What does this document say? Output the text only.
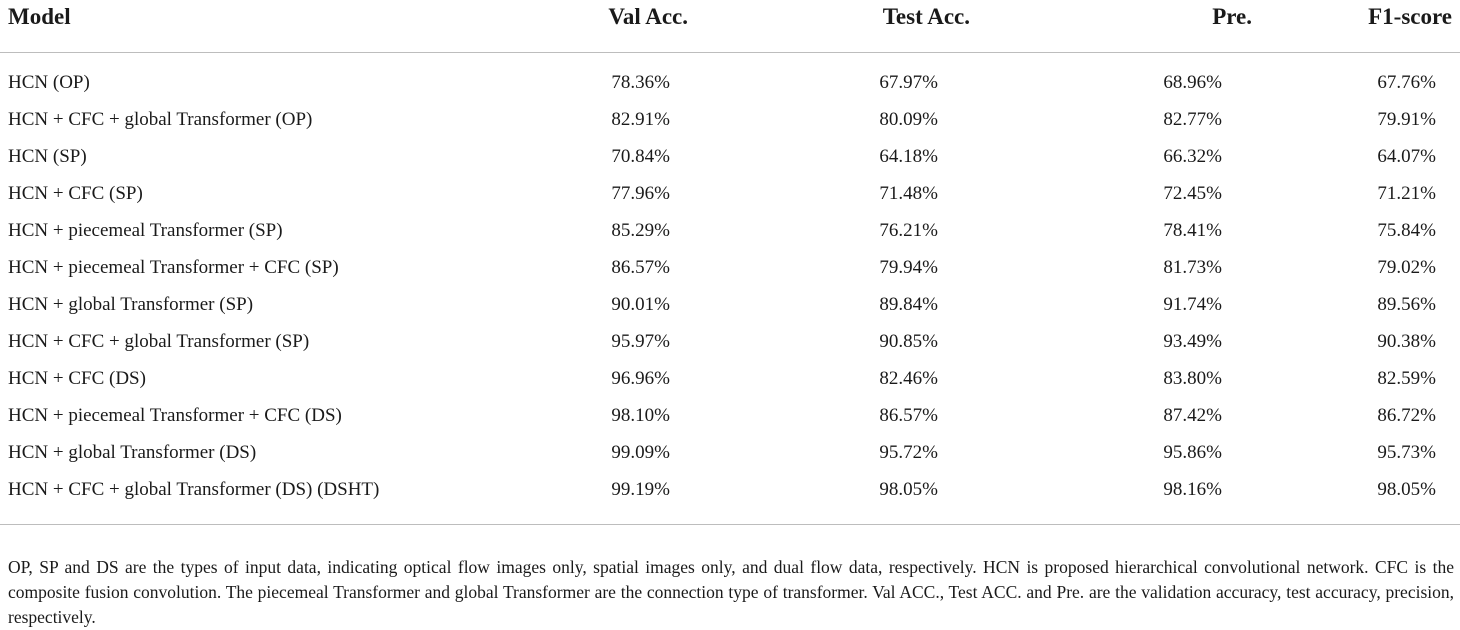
Model	Val Acc.	Test Acc.	Pre.	F1-score
HCN (OP)	78.36%	67.97%	68.96%	67.76%
HCN + CFC + global Transformer (OP)	82.91%	80.09%	82.77%	79.91%
HCN (SP)	70.84%	64.18%	66.32%	64.07%
HCN + CFC (SP)	77.96%	71.48%	72.45%	71.21%
HCN + piecemeal Transformer (SP)	85.29%	76.21%	78.41%	75.84%
HCN + piecemeal Transformer + CFC (SP)	86.57%	79.94%	81.73%	79.02%
HCN + global Transformer (SP)	90.01%	89.84%	91.74%	89.56%
HCN + CFC + global Transformer (SP)	95.97%	90.85%	93.49%	90.38%
HCN + CFC (DS)	96.96%	82.46%	83.80%	82.59%
HCN + piecemeal Transformer + CFC (DS)	98.10%	86.57%	87.42%	86.72%
HCN + global Transformer (DS)	99.09%	95.72%	95.86%	95.73%
HCN + CFC + global Transformer (DS) (DSHT)	99.19%	98.05%	98.16%	98.05%

OP, SP and DS are the types of input data, indicating optical flow images only, spatial images only, and dual flow data, respectively. HCN is proposed hierarchical convolutional network. CFC is the composite fusion convolution. The piecemeal Transformer and global Transformer are the connection type of transformer. Val ACC., Test ACC. and Pre. are the validation accuracy, test accuracy, precision, respectively.
